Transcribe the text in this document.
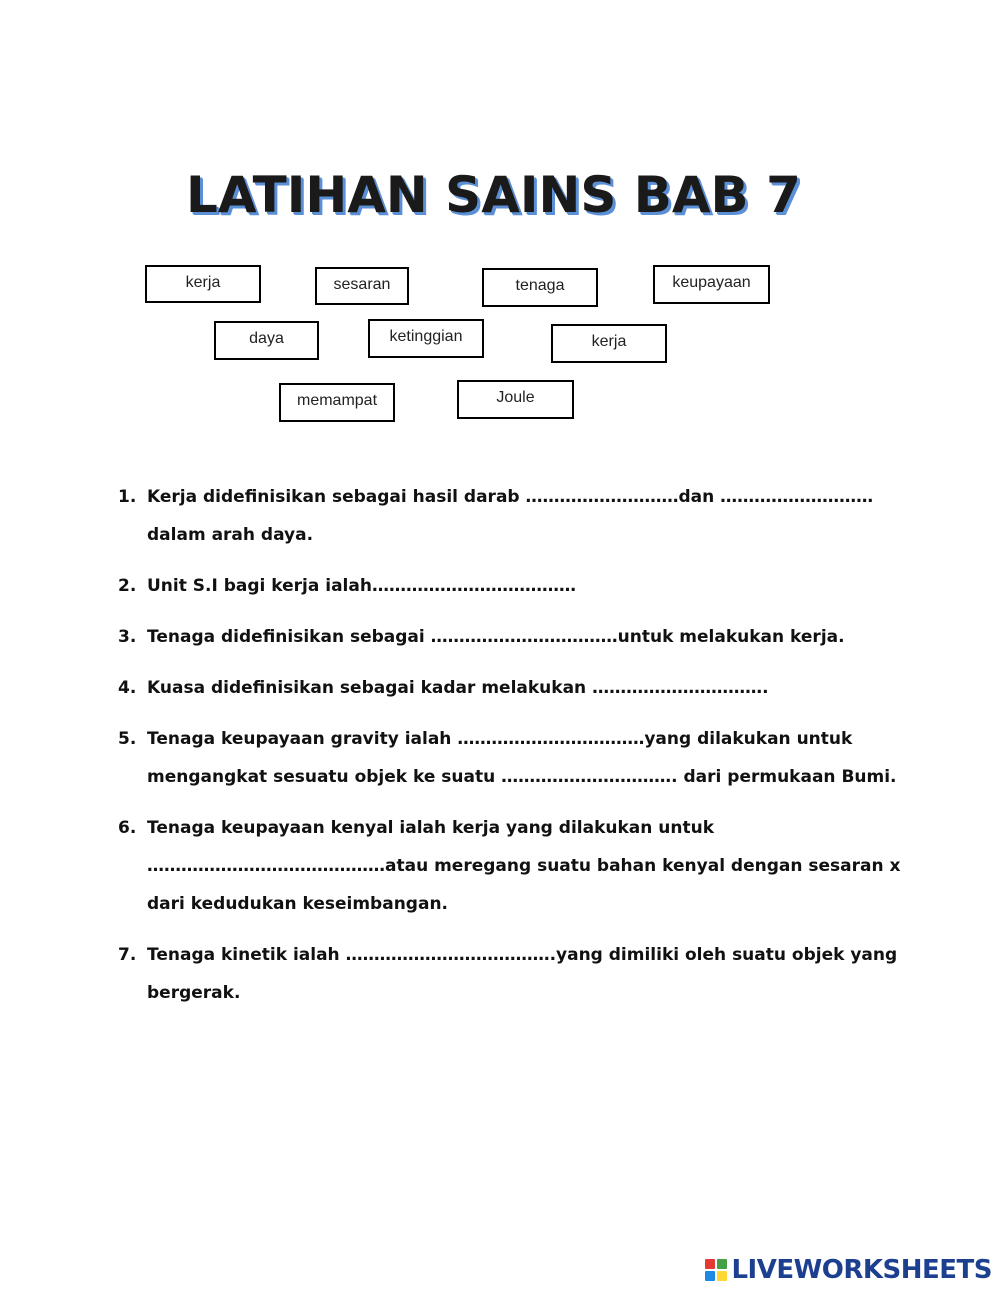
LATIHAN SAINS BAB 7
kerja	sesaran	tenaga	keupayaan
daya	ketinggian	kerja
memampat	Joule
1. Kerja didefinisikan sebagai hasil darab ………………………dan ………………………dalam arah daya.
2. Unit S.I bagi kerja ialah………………………………
3. Tenaga didefinisikan sebagai ……………………………untuk melakukan kerja.
4. Kuasa didefinisikan sebagai kadar melakukan ………………………….
5. Tenaga keupayaan gravity ialah ……………………………yang dilakukan untuk mengangkat sesuatu objek ke suatu …………………………. dari permukaan Bumi.
6. Tenaga keupayaan kenyal ialah kerja yang dilakukan untuk ……………………………………atau meregang suatu bahan kenyal dengan sesaran x dari kedudukan keseimbangan.
7. Tenaga kinetik ialah ……………………………….yang dimiliki oleh suatu objek yang bergerak.
LIVEWORKSHEETS
